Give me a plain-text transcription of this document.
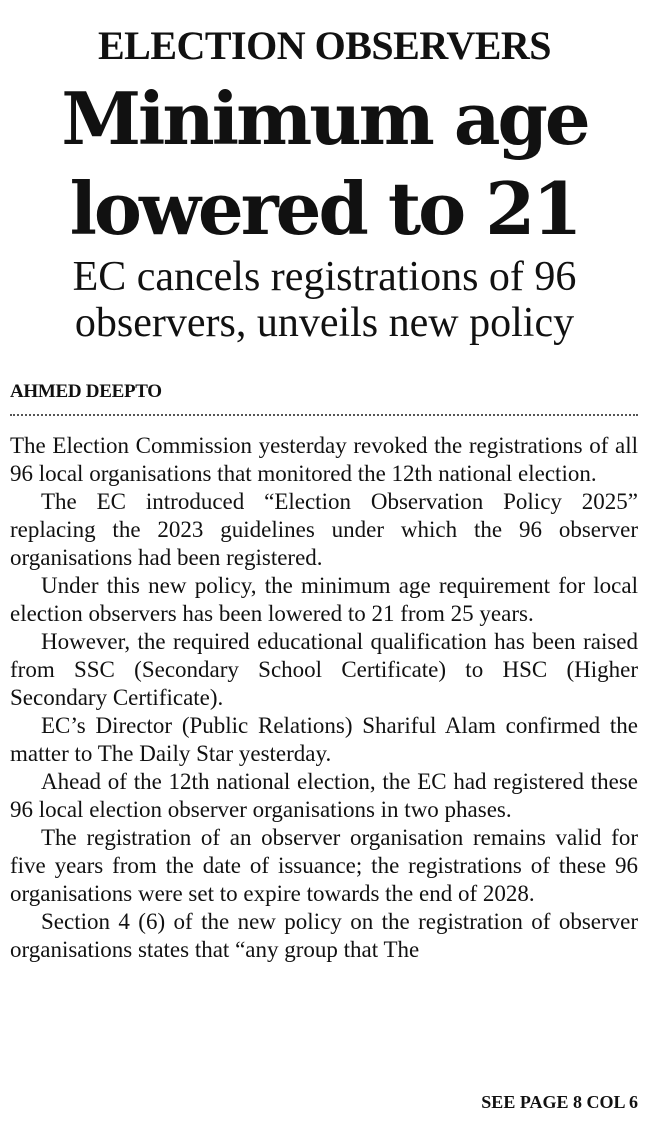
ELECTION OBSERVERS
Minimum age
lowered to 21
EC cancels registrations of 96
observers, unveils new policy
AHMED DEEPTO

The Election Commission yesterday revoked the registrations of all 96 local organisations that monitored the 12th national election.

The EC introduced “Election Observation Policy 2025” replacing the 2023 guidelines under which the 96 observer organisations had been registered.

Under this new policy, the minimum age requirement for local election observers has been lowered to 21 from 25 years.

However, the required educational qualification has been raised from SSC (Secondary School Certificate) to HSC (Higher Secondary Certificate).

EC’s Director (Public Relations) Shariful Alam confirmed the matter to The Daily Star yesterday.

Ahead of the 12th national election, the EC had registered these 96 local election observer organisations in two phases.

The registration of an observer organisation remains valid for five years from the date of issuance; the registrations of these 96 organisations were set to expire towards the end of 2028.

Section 4 (6) of the new policy on the registration of observer organisations states that “any group that The

SEE PAGE 8 COL 6
